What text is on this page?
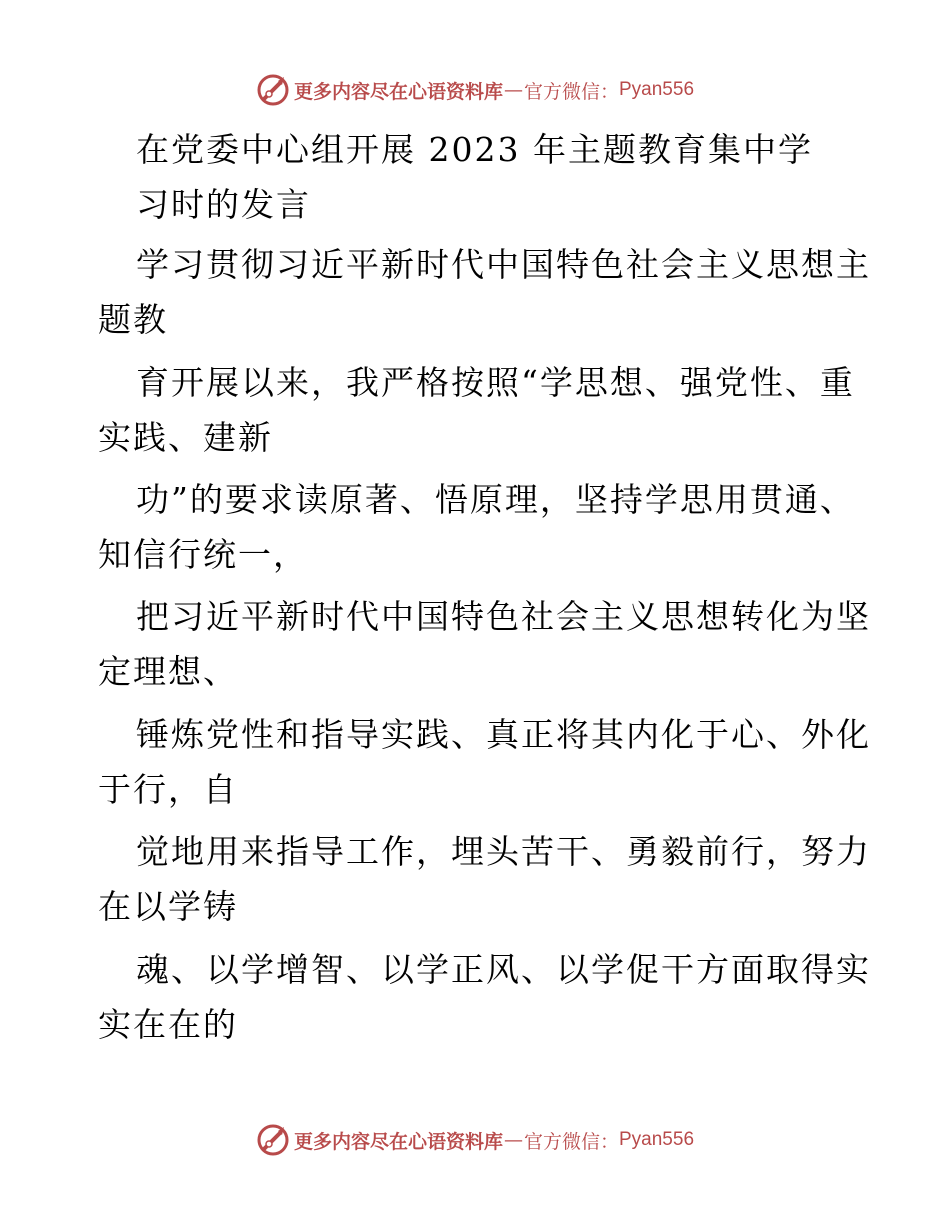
更多内容尽在心语资料库 — 官方微信： Pyan556
在党委中心组开展 2023 年主题教育集中学
习时的发言
学习贯彻习近平新时代中国特色社会主义思想主
题教
育开展以来，我严格按照“学思想、强党性、重
实践、建新
功”的要求读原著、悟原理，坚持学思用贯通、
知信行统一，
把习近平新时代中国特色社会主义思想转化为坚
定理想、
锤炼党性和指导实践、真正将其内化于心、外化
于行，自
觉地用来指导工作，埋头苦干、勇毅前行，努力
在以学铸
魂、以学增智、以学正风、以学促干方面取得实
实在在的
更多内容尽在心语资料库 — 官方微信： Pyan556
